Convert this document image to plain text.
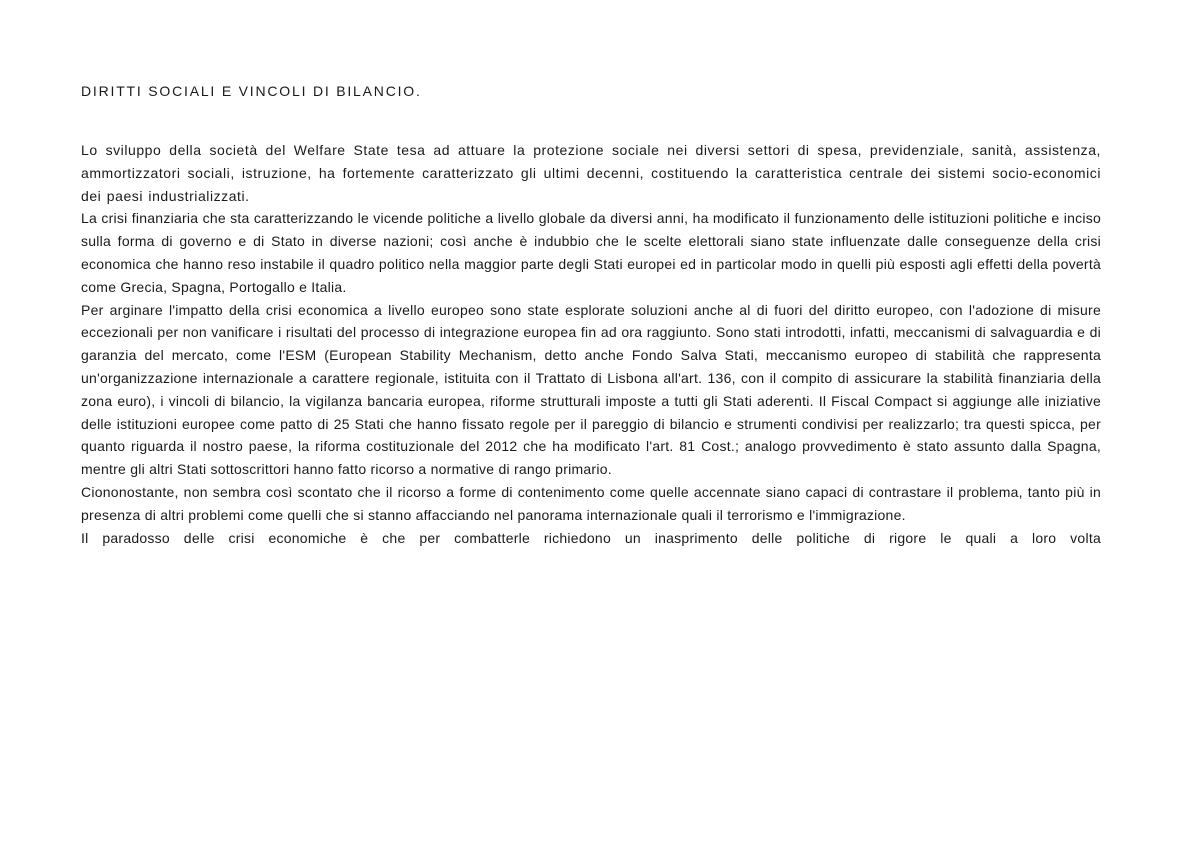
DIRITTI SOCIALI E VINCOLI DI BILANCIO.

Lo sviluppo della società del Welfare State tesa ad attuare la protezione sociale nei diversi settori di spesa, previdenziale, sanità, assistenza, ammortizzatori sociali, istruzione, ha fortemente caratterizzato gli ultimi decenni, costituendo la caratteristica centrale dei sistemi socio-economici dei paesi industrializzati.

La crisi finanziaria che sta caratterizzando le vicende politiche a livello globale da diversi anni, ha modificato il funzionamento delle istituzioni politiche e inciso sulla forma di governo e di Stato in diverse nazioni; così anche è indubbio che le scelte elettorali siano state influenzate dalle conseguenze della crisi economica che hanno reso instabile il quadro politico nella maggior parte degli Stati europei ed in particolar modo in quelli più esposti agli effetti della povertà come Grecia, Spagna, Portogallo e Italia.

Per arginare l'impatto della crisi economica a livello europeo sono state esplorate soluzioni anche al di fuori del diritto europeo, con l'adozione di misure eccezionali per non vanificare i risultati del processo di integrazione europea fin ad ora raggiunto. Sono stati introdotti, infatti, meccanismi di salvaguardia e di garanzia del mercato, come l'ESM (European Stability Mechanism, detto anche Fondo Salva Stati, meccanismo europeo di stabilità che rappresenta un'organizzazione internazionale a carattere regionale, istituita con il Trattato di Lisbona all'art. 136, con il compito di assicurare la stabilità finanziaria della zona euro), i vincoli di bilancio, la vigilanza bancaria europea, riforme strutturali imposte a tutti gli Stati aderenti. Il Fiscal Compact si aggiunge alle iniziative delle istituzioni europee come patto di 25 Stati che hanno fissato regole per il pareggio di bilancio e strumenti condivisi per realizzarlo; tra questi spicca, per quanto riguarda il nostro paese, la riforma costituzionale del 2012 che ha modificato l'art. 81 Cost.; analogo provvedimento è stato assunto dalla Spagna, mentre gli altri Stati sottoscrittori hanno fatto ricorso a normative di rango primario.

Ciononostante, non sembra così scontato che il ricorso a forme di contenimento come quelle accennate siano capaci di contrastare il problema, tanto più in presenza di altri problemi come quelli che si stanno affacciando nel panorama internazionale quali il terrorismo e l'immigrazione.

Il paradosso delle crisi economiche è che per combatterle richiedono un inasprimento delle politiche di rigore le quali a loro volta
